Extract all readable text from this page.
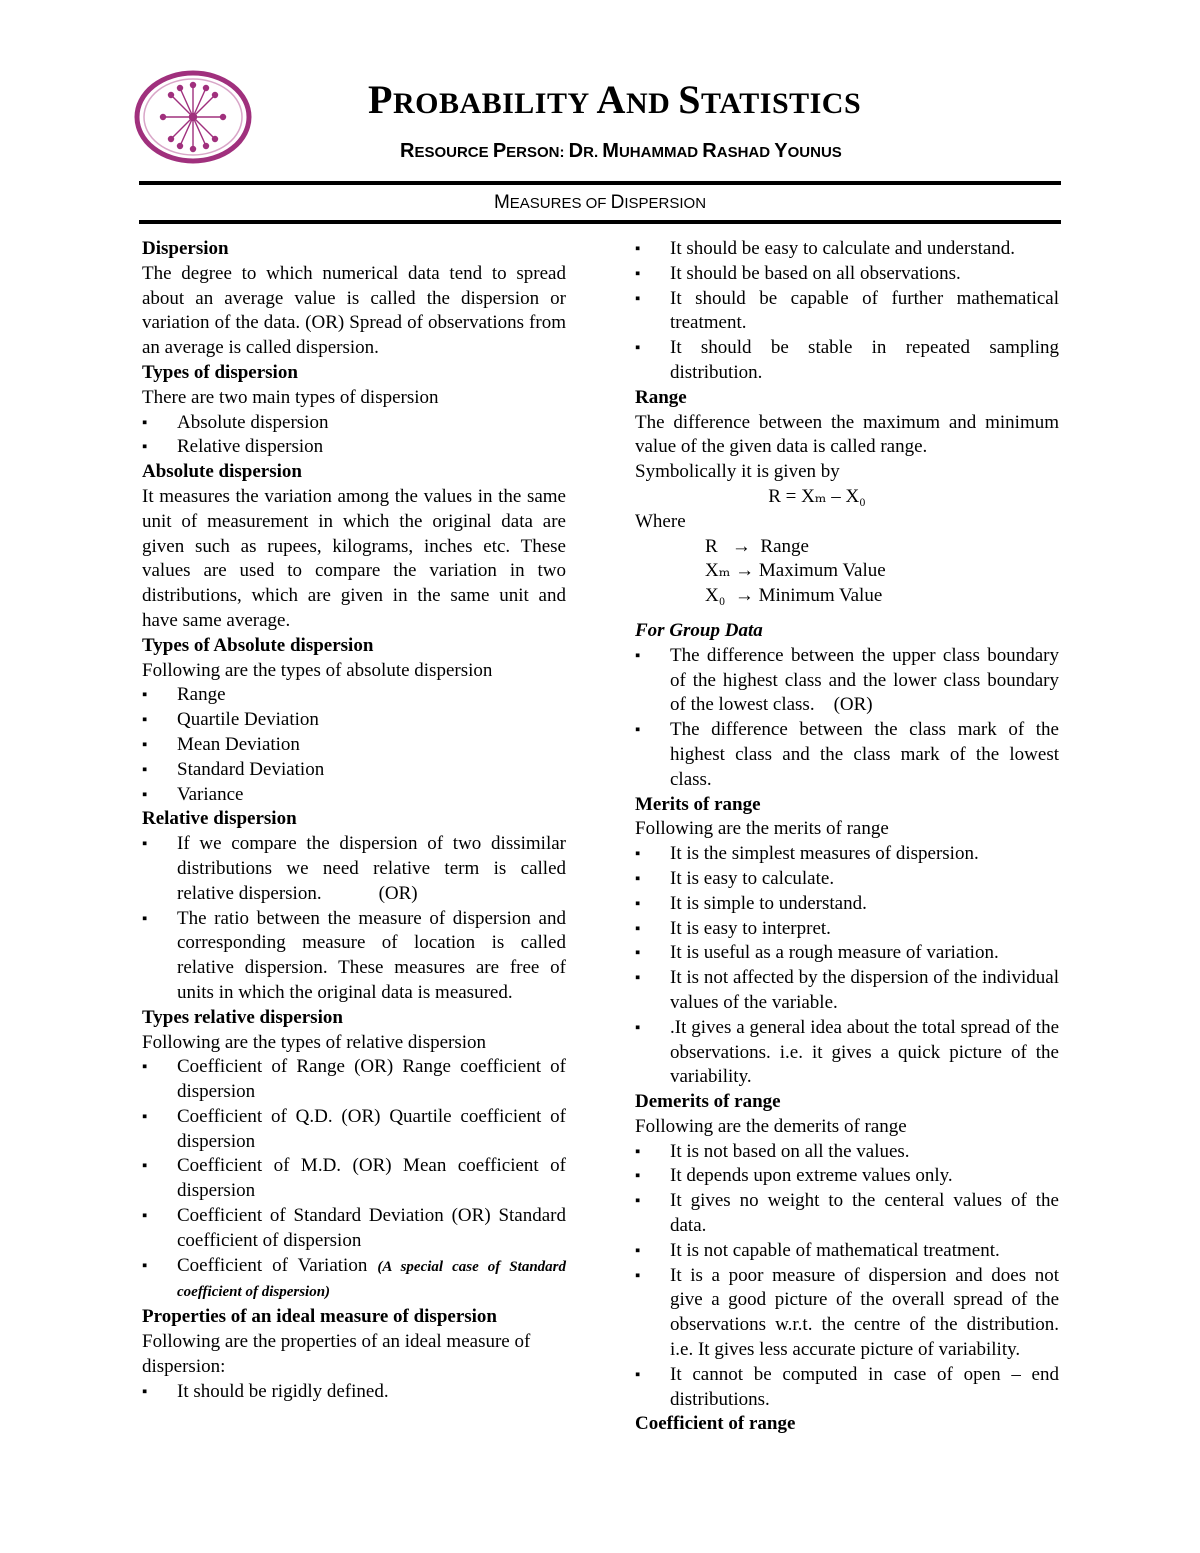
PROBABILITY AND STATISTICS
RESOURCE PERSON: DR. MUHAMMAD RASHAD YOUNUS
MEASURES OF DISPERSION
Dispersion
The degree to which numerical data tend to spread about an average value is called the dispersion or variation of the data. (OR) Spread of observations from an average is called dispersion.
Types of dispersion
There are two main types of dispersion
▪ Absolute dispersion
▪ Relative dispersion
Absolute dispersion
It measures the variation among the values in the same unit of measurement in which the original data are given such as rupees, kilograms, inches etc. These values are used to compare the variation in two distributions, which are given in the same unit and have same average.
Types of Absolute dispersion
Following are the types of absolute dispersion
▪ Range
▪ Quartile Deviation
▪ Mean Deviation
▪ Standard Deviation
▪ Variance
Relative dispersion
▪ If we compare the dispersion of two dissimilar distributions we need relative term is called relative dispersion.            (OR)
▪ The ratio between the measure of dispersion and corresponding measure of location is called relative dispersion. These measures are free of units in which the original data is measured.
Types relative dispersion
Following are the types of relative dispersion
▪ Coefficient of Range (OR) Range coefficient of dispersion
▪ Coefficient of Q.D. (OR) Quartile coefficient of dispersion
▪ Coefficient of M.D. (OR) Mean coefficient of dispersion
▪ Coefficient of Standard Deviation (OR) Standard coefficient of dispersion
▪ Coefficient of Variation (A special case of Standard coefficient of dispersion)
Properties of an ideal measure of dispersion
Following are the properties of an ideal measure of dispersion:
▪ It should be rigidly defined.
▪ It should be easy to calculate and understand.
▪ It should be based on all observations.
▪ It should be capable of further mathematical treatment.
▪ It should be stable in repeated sampling distribution.
Range
The difference between the maximum and minimum value of the given data is called range.
Symbolically it is given by
R = Xₘ – X₀
Where
R   →  Range
Xₘ → Maximum Value
X₀  → Minimum Value
For Group Data
▪ The difference between the upper class boundary of the highest class and the lower class boundary of the lowest class.    (OR)
▪ The difference between the class mark of the highest class and the class mark of the lowest class.
Merits of range
Following are the merits of range
▪ It is the simplest measures of dispersion.
▪ It is easy to calculate.
▪ It is simple to understand.
▪ It is easy to interpret.
▪ It is useful as a rough measure of variation.
▪ It is not affected by the dispersion of the individual values of the variable.
▪ .It gives a general idea about the total spread of the observations. i.e. it gives a quick picture of the variability.
Demerits of range
Following are the demerits of range
▪ It is not based on all the values.
▪ It depends upon extreme values only.
▪ It gives no weight to the centeral values of the data.
▪ It is not capable of mathematical treatment.
▪ It is a poor measure of dispersion and does not give a good picture of the overall spread of the observations w.r.t. the centre of the distribution. i.e. It gives less accurate picture of variability.
▪ It cannot be computed in case of open – end distributions.
Coefficient of range
